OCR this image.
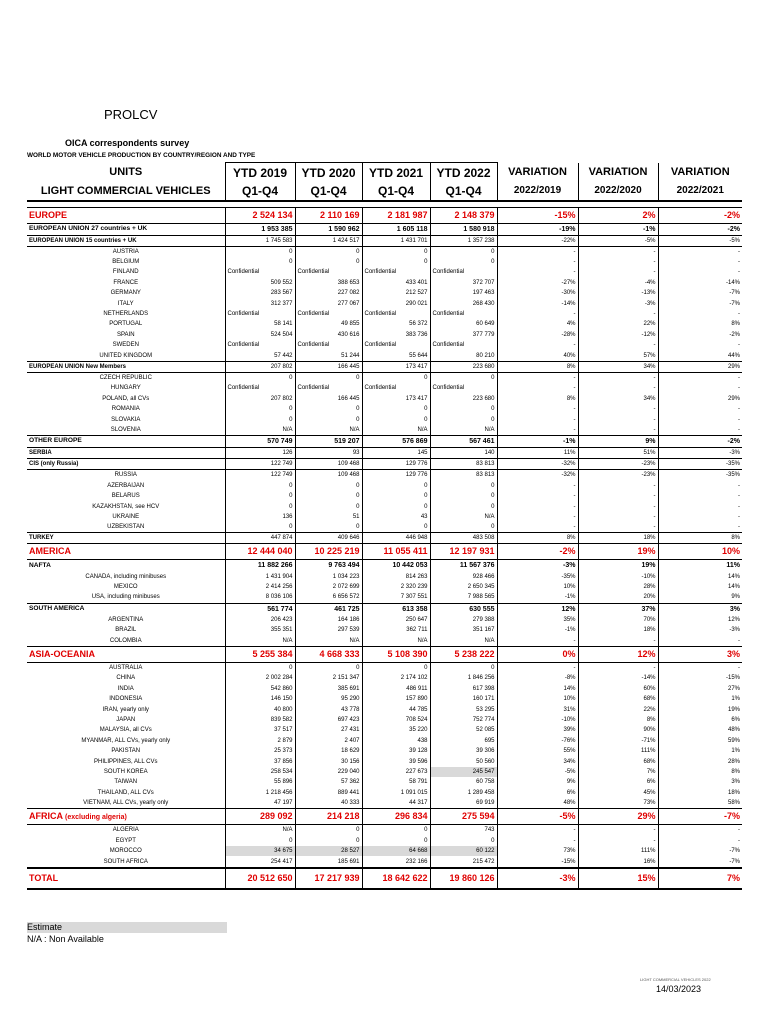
PROLCV
OICA correspondents survey
WORLD MOTOR VEHICLE PRODUCTION BY COUNTRY/REGION AND TYPE
UNITS	YTD 2019	YTD 2020	YTD 2021	YTD 2022	VARIATION	VARIATION	VARIATION
LIGHT COMMERCIAL VEHICLES	Q1-Q4	Q1-Q4	Q1-Q4	Q1-Q4	2022/2019	2022/2020	2022/2021

EUROPE	2 524 134	2 110 169	2 181 987	2 148 379	-15%	2%	-2%
EUROPEAN UNION 27 countries + UK	1 953 385	1 590 962	1 605 118	1 580 918	-19%	-1%	-2%
EUROPEAN UNION 15 countries + UK	1 745 583	1 424 517	1 431 701	1 357 238	-22%	-5%	-5%
AUSTRIA	0	0	0	0	-	-	-
BELGIUM	0	0	0	0	-	-	-
FINLAND	Confidential	Confidential	Confidential	Confidential	-	-	-
FRANCE	509 552	388 653	433 401	372 707	-27%	-4%	-14%
GERMANY	283 567	227 082	212 527	197 463	-30%	-13%	-7%
ITALY	312 377	277 067	290 021	268 430	-14%	-3%	-7%
NETHERLANDS	Confidential	Confidential	Confidential	Confidential	-	-	-
PORTUGAL	58 141	49 855	56 372	60 649	4%	22%	8%
SPAIN	524 504	430 616	383 736	377 779	-28%	-12%	-2%
SWEDEN	Confidential	Confidential	Confidential	Confidential	-	-	-
UNITED KINGDOM	57 442	51 244	55 644	80 210	40%	57%	44%
EUROPEAN UNION New Members	207 802	166 445	173 417	223 680	8%	34%	29%
CZECH REPUBLIC	0	0	0	0	-	-	-
HUNGARY	Confidential	Confidential	Confidential	Confidential	-	-	-
POLAND, all CVs	207 802	166 445	173 417	223 680	8%	34%	29%
ROMANIA	0	0	0	0	-	-	-
SLOVAKIA	0	0	0	0	-	-	-
SLOVENIA	N/A	N/A	N/A	N/A	-	-	-
OTHER EUROPE	570 749	519 207	576 869	567 461	-1%	9%	-2%
SERBIA	126	93	145	140	11%	51%	-3%
CIS (only Russia)	122 749	109 468	129 776	83 813	-32%	-23%	-35%
RUSSIA	122 749	109 468	129 776	83 813	-32%	-23%	-35%
AZERBAIJAN	0	0	0	0	-	-	-
BELARUS	0	0	0	0	-	-	-
KAZAKHSTAN, see HCV	0	0	0	0	-	-	-
UKRAINE	136	51	43	N/A	-	-	-
UZBEKISTAN	0	0	0	0	-	-	-
TURKEY	447 874	409 646	446 948	483 508	8%	18%	8%
AMERICA	12 444 040	10 225 219	11 055 411	12 197 931	-2%	19%	10%
NAFTA	11 882 266	9 763 494	10 442 053	11 567 376	-3%	19%	11%
CANADA, including minibuses	1 431 904	1 034 223	814 263	928 466	-35%	-10%	14%
MEXICO	2 414 256	2 072 699	2 320 239	2 650 345	10%	28%	14%
USA, including minibuses	8 036 106	6 656 572	7 307 551	7 988 565	-1%	20%	9%
SOUTH AMERICA	561 774	461 725	613 358	630 555	12%	37%	3%
ARGENTINA	206 423	164 186	250 647	279 388	35%	70%	12%
BRAZIL	355 351	297 539	362 711	351 167	-1%	18%	-3%
COLOMBIA	N/A	N/A	N/A	N/A	-	-	-
ASIA-OCEANIA	5 255 384	4 668 333	5 108 390	5 238 222	0%	12%	3%
AUSTRALIA	0	0	0	0	-	-	-
CHINA	2 002 284	2 151 347	2 174 102	1 846 256	-8%	-14%	-15%
INDIA	542 860	385 691	486 911	617 398	14%	60%	27%
INDONESIA	146 150	95 290	157 890	160 171	10%	68%	1%
IRAN, yearly only	40 800	43 778	44 785	53 295	31%	22%	19%
JAPAN	839 582	697 423	708 524	752 774	-10%	8%	6%
MALAYSIA, all CVs	37 517	27 431	35 220	52 085	39%	90%	48%
MYANMAR, ALL CVs, yearly only	2 879	2 407	438	695	-76%	-71%	59%
PAKISTAN	25 373	18 629	39 128	39 306	55%	111%	1%
PHILIPPINES, ALL CVs	37 856	30 156	39 596	50 560	34%	68%	28%
SOUTH KOREA	258 534	229 040	227 673	245 547	-5%	7%	8%
TAIWAN	55 896	57 362	58 791	60 758	9%	6%	3%
THAILAND, ALL CVs	1 218 456	889 441	1 091 015	1 289 458	6%	45%	18%
VIETNAM, ALL CVs, yearly only	47 197	40 333	44 317	69 919	48%	73%	58%
AFRICA (excluding algeria)	289 092	214 218	296 834	275 594	-5%	29%	-7%
ALGERIA	N/A	0	0	743	-	-	-
EGYPT	0	0	0	0	-	-	-
MOROCCO	34 675	28 527	64 668	60 122	73%	111%	-7%
SOUTH AFRICA	254 417	185 691	232 166	215 472	-15%	16%	-7%
TOTAL	20 512 650	17 217 939	18 642 622	19 860 126	-3%	15%	7%
Estimate
N/A : Non Available
LIGHT COMMERCIAL VEHICLES 2022
14/03/2023
